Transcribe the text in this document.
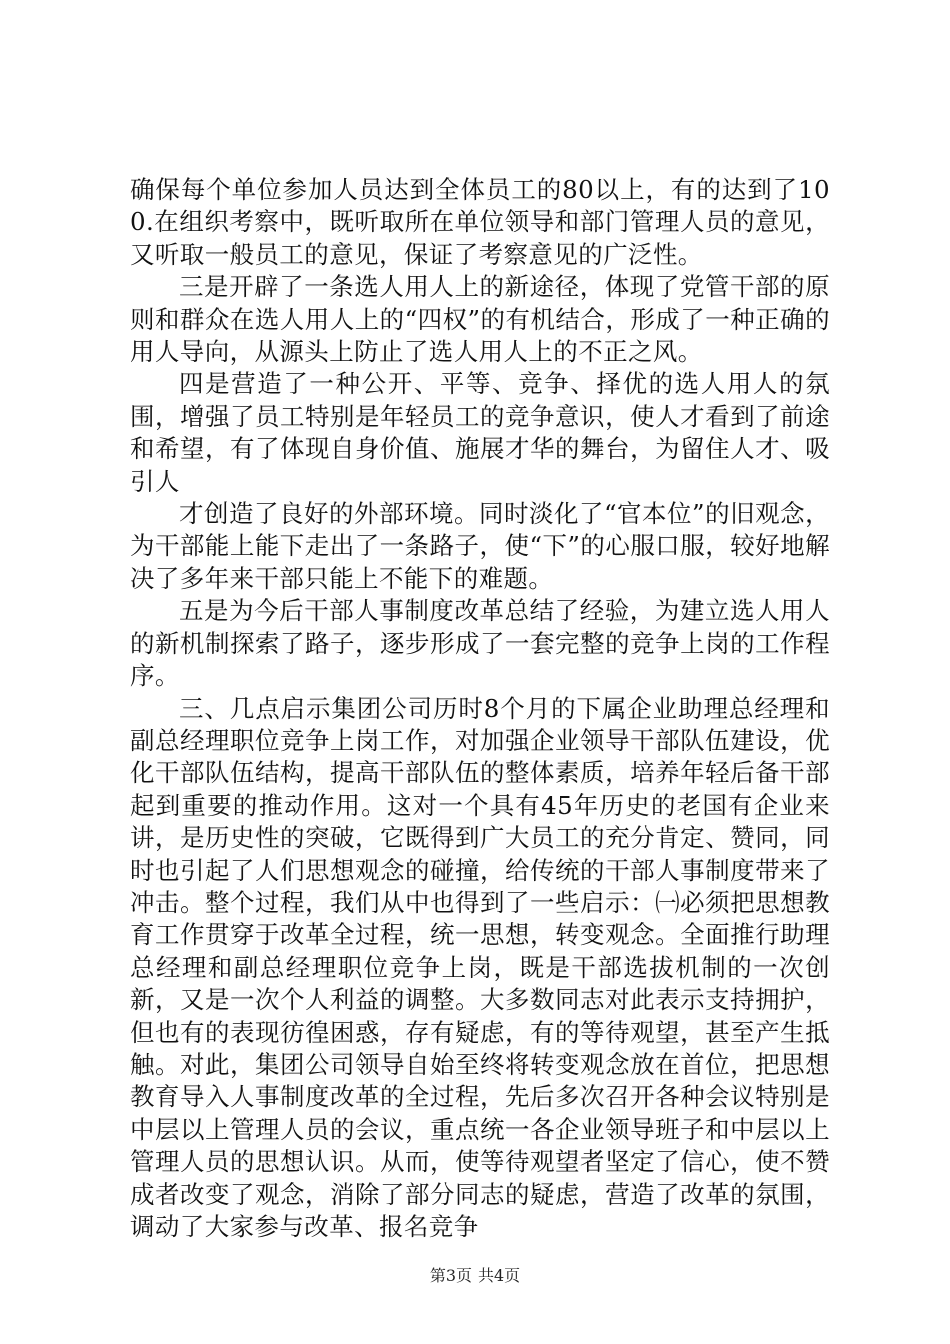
确保每个单位参加人员达到全体员工的80以上，有的达到了100.在组织考察中，既听取所在单位领导和部门管理人员的意见，又听取一般员工的意见，保证了考察意见的广泛性。

三是开辟了一条选人用人上的新途径，体现了党管干部的原则和群众在选人用人上的“四权”的有机结合，形成了一种正确的用人导向，从源头上防止了选人用人上的不正之风。

四是营造了一种公开、平等、竞争、择优的选人用人的氛围，增强了员工特别是年轻员工的竞争意识，使人才看到了前途和希望，有了体现自身价值、施展才华的舞台，为留住人才、吸引人

才创造了良好的外部环境。同时淡化了“官本位”的旧观念，为干部能上能下走出了一条路子，使“下”的心服口服，较好地解决了多年来干部只能上不能下的难题。

五是为今后干部人事制度改革总结了经验，为建立选人用人的新机制探索了路子，逐步形成了一套完整的竞争上岗的工作程序。

三、几点启示集团公司历时8个月的下属企业助理总经理和副总经理职位竞争上岗工作，对加强企业领导干部队伍建设，优化干部队伍结构，提高干部队伍的整体素质，培养年轻后备干部起到重要的推动作用。这对一个具有45年历史的老国有企业来讲，是历史性的突破，它既得到广大员工的充分肯定、赞同，同时也引起了人们思想观念的碰撞，给传统的干部人事制度带来了冲击。整个过程，我们从中也得到了一些启示：㈠必须把思想教育工作贯穿于改革全过程，统一思想，转变观念。全面推行助理总经理和副总经理职位竞争上岗，既是干部选拔机制的一次创新，又是一次个人利益的调整。大多数同志对此表示支持拥护，但也有的表现彷徨困惑，存有疑虑，有的等待观望，甚至产生抵触。对此，集团公司领导自始至终将转变观念放在首位，把思想教育导入人事制度改革的全过程，先后多次召开各种会议特别是中层以上管理人员的会议，重点统一各企业领导班子和中层以上管理人员的思想认识。从而，使等待观望者坚定了信心，使不赞成者改变了观念，消除了部分同志的疑虑，营造了改革的氛围，调动了大家参与改革、报名竞争

第3页 共4页
